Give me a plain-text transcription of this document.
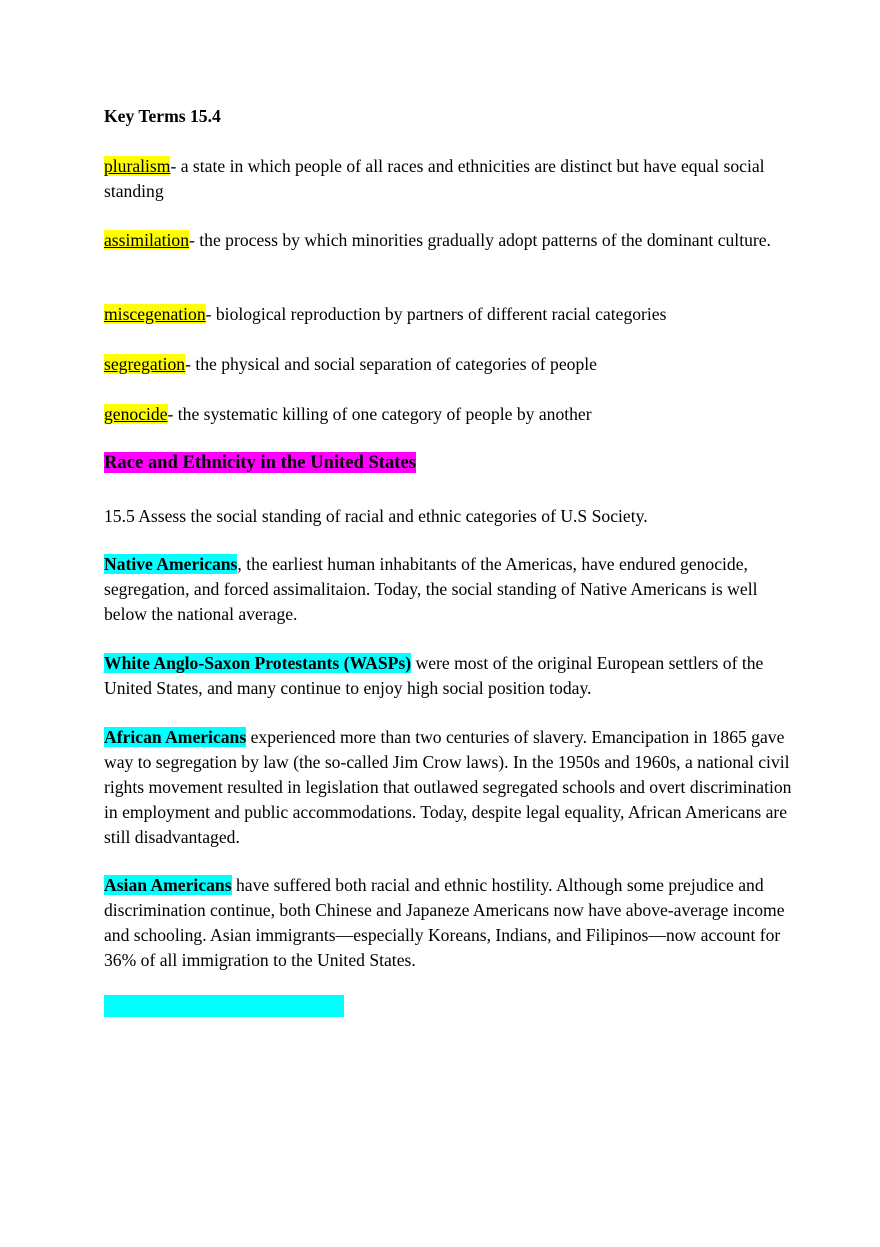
Key Terms 15.4
pluralism- a state in which people of all races and ethnicities are distinct but have equal social standing
assimilation- the process by which minorities gradually adopt patterns of the dominant culture.
miscegenation- biological reproduction by partners of different racial categories
segregation- the physical and social separation of categories of people
genocide- the systematic killing of one category of people by another
Race and Ethnicity in the United States
15.5 Assess the social standing of racial and ethnic categories of U.S Society.
Native Americans, the earliest human inhabitants of the Americas, have endured genocide, segregation, and forced assimalitaion. Today, the social standing of Native Americans is well below the national average.
White Anglo-Saxon Protestants (WASPs) were most of the original European settlers of the United States, and many continue to enjoy high social position today.
African Americans experienced more than two centuries of slavery. Emancipation in 1865 gave way to segregation by law (the so-called Jim Crow laws). In the 1950s and 1960s, a national civil rights movement resulted in legislation that outlawed segregated schools and overt discrimination in employment and public accommodations. Today, despite legal equality, African Americans are still disadvantaged.
Asian Americans have suffered both racial and ethnic hostility. Although some prejudice and discrimination continue, both Chinese and Japaneze Americans now have above-average income and schooling. Asian immigrants—especially Koreans, Indians, and Filipinos—now account for 36% of all immigration to the United States.
